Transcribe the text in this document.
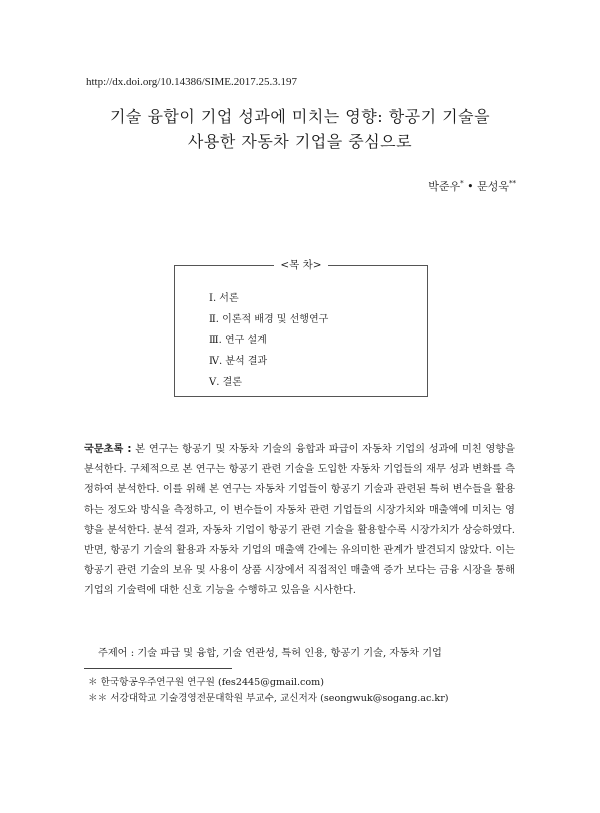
http://dx.doi.org/10.14386/SIME.2017.25.3.197
기술 융합이 기업 성과에 미치는 영향: 항공기 기술을
사용한 자동차 기업을 중심으로
박준우* • 문성욱**
<목 차>
Ⅰ. 서론
Ⅱ. 이론적 배경 및 선행연구
Ⅲ. 연구 설계
Ⅳ. 분석 결과
Ⅴ. 결론
국문초록 : 본 연구는 항공기 및 자동차 기술의 융합과 파급이 자동차 기업의 성과에 미친 영향을 분석한다. 구체적으로 본 연구는 항공기 관련 기술을 도입한 자동차 기업들의 재무 성과 변화를 측정하여 분석한다. 이를 위해 본 연구는 자동차 기업들이 항공기 기술과 관련된 특허 변수들을 활용하는 정도와 방식을 측정하고, 이 변수들이 자동차 관련 기업들의 시장가치와 매출액에 미치는 영향을 분석한다. 분석 결과, 자동차 기업이 항공기 관련 기술을 활용할수록 시장가치가 상승하였다. 반면, 항공기 기술의 활용과 자동차 기업의 매출액 간에는 유의미한 관계가 발견되지 않았다. 이는 항공기 관련 기술의 보유 및 사용이 상품 시장에서 직접적인 매출액 증가 보다는 금융 시장을 통해 기업의 기술력에 대한 신호 기능을 수행하고 있음을 시사한다.
주제어 : 기술 파급 및 융합, 기술 연관성, 특허 인용, 항공기 기술, 자동차 기업
＊ 한국항공우주연구원 연구원 (fes2445@gmail.com)
＊＊ 서강대학교 기술경영전문대학원 부교수, 교신저자 (seongwuk@sogang.ac.kr)
